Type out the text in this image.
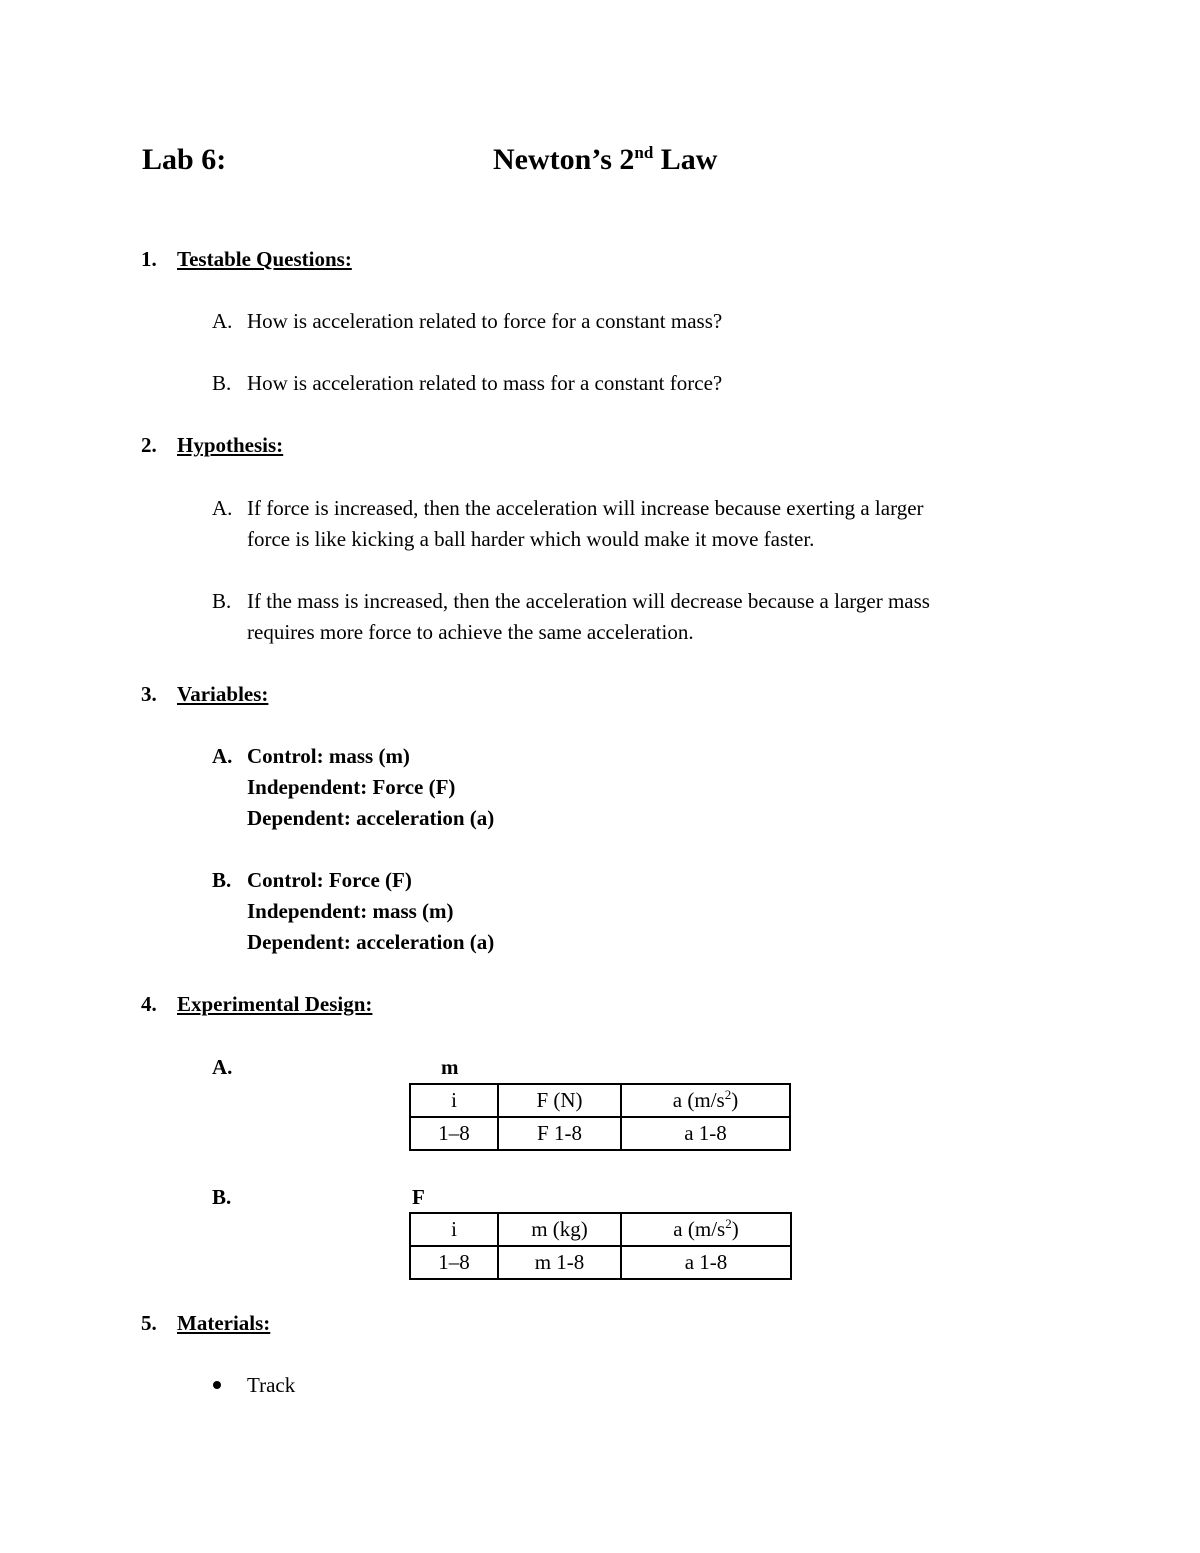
Lab 6:	Newton’s 2nd Law
1. Testable Questions:
A. How is acceleration related to force for a constant mass?
B. How is acceleration related to mass for a constant force?
2. Hypothesis:
A. If force is increased, then the acceleration will increase because exerting a larger
force is like kicking a ball harder which would make it move faster.
B. If the mass is increased, then the acceleration will decrease because a larger mass
requires more force to achieve the same acceleration.
3. Variables:
A. Control: mass (m)
Independent: Force (F)
Dependent: acceleration (a)
B. Control: Force (F)
Independent: mass (m)
Dependent: acceleration (a)
4. Experimental Design:
A.	m
i	F (N)	a $(m/s^2)$
1–8	F 1-8	a 1-8
B.	F
i	m (kg)	a $(m/s^2)$
1–8	m 1-8	a 1-8
5. Materials:
Track
